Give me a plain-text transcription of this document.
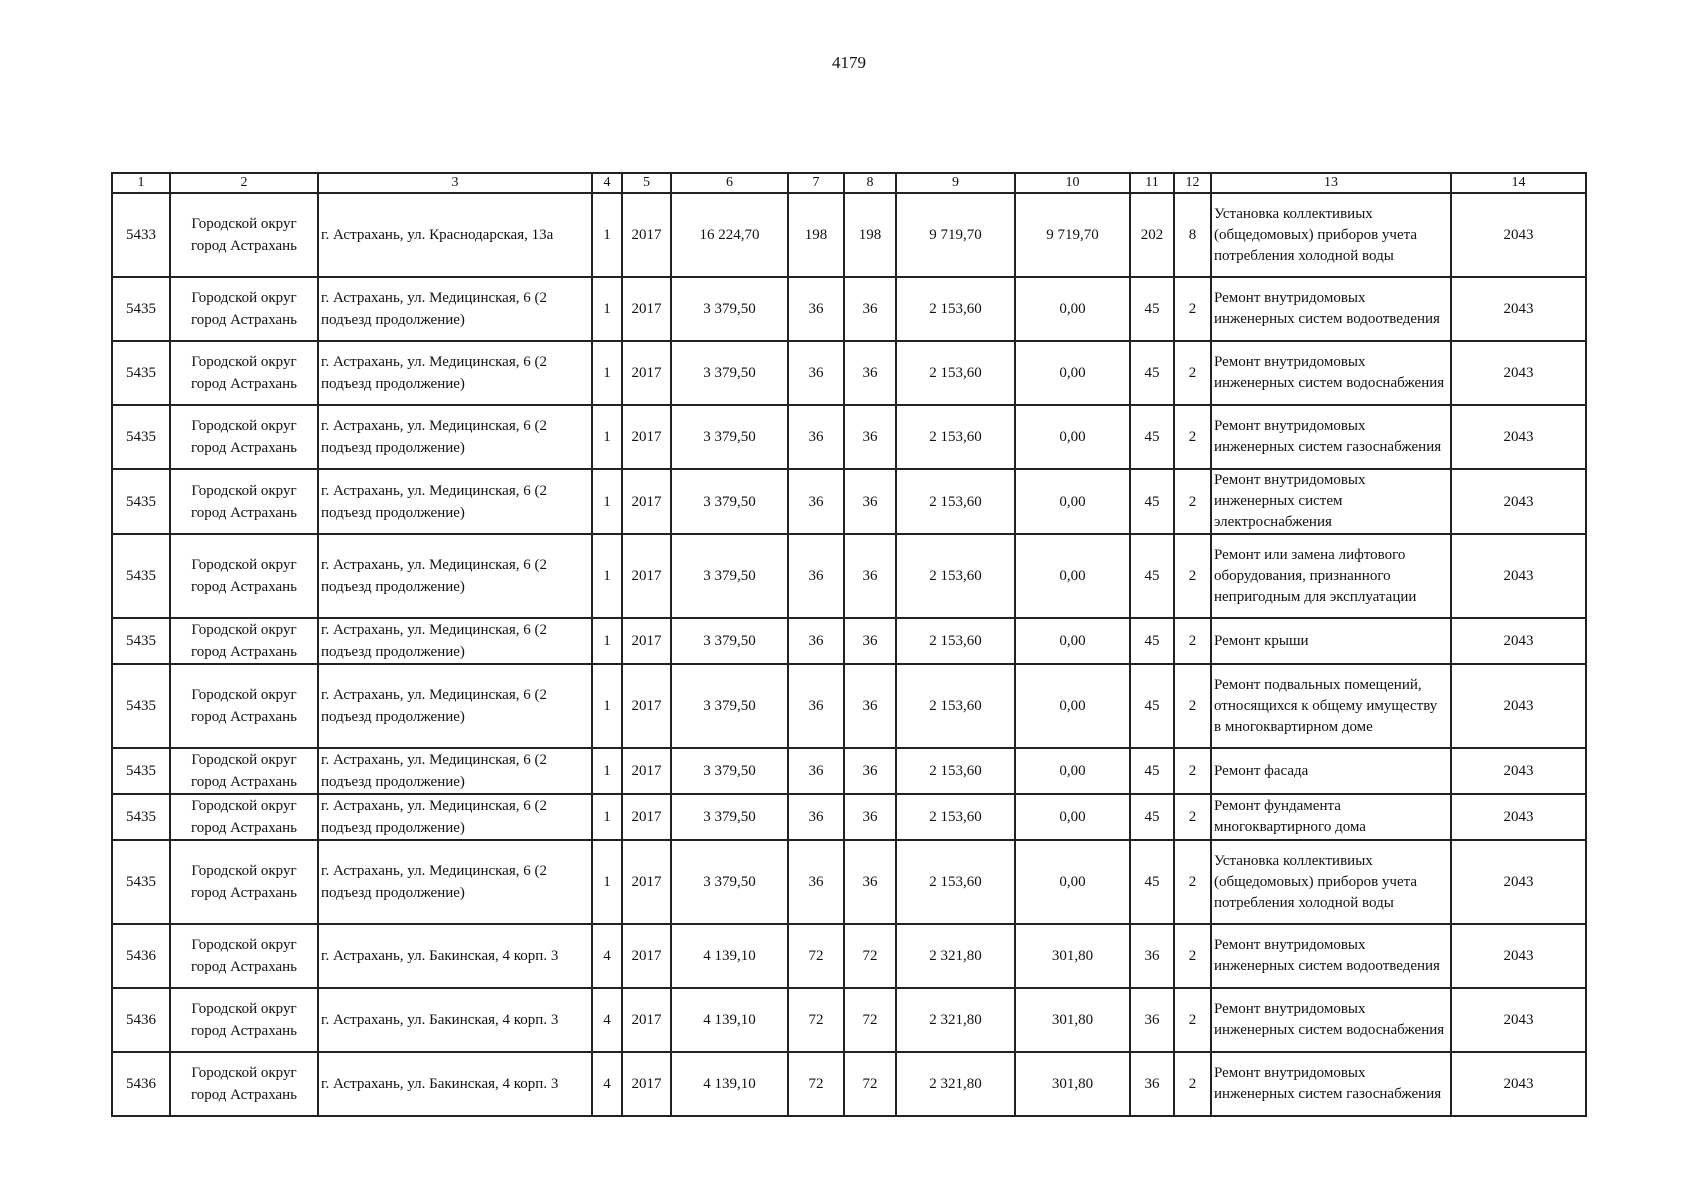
4179
1	2	3	4	5	6	7	8	9	10	11	12	13	14
5433	Городской округ город Астрахань	г. Астрахань, ул. Краснодарская, 13а	1	2017	16 224,70	198	198	9 719,70	9 719,70	202	8	Установка коллективиых (общедомовых) приборов учета потребления холодной воды	2043
5435	Городской округ город Астрахань	г. Астрахань, ул. Медицинская, 6 (2 подъезд продолжение)	1	2017	3 379,50	36	36	2 153,60	0,00	45	2	Ремонт внутридомовых инженерных систем водоотведения	2043
5435	Городской округ город Астрахань	г. Астрахань, ул. Медицинская, 6 (2 подъезд продолжение)	1	2017	3 379,50	36	36	2 153,60	0,00	45	2	Ремонт внутридомовых инженерных систем водоснабжения	2043
5435	Городской округ город Астрахань	г. Астрахань, ул. Медицинская, 6 (2 подъезд продолжение)	1	2017	3 379,50	36	36	2 153,60	0,00	45	2	Ремонт внутридомовых инженерных систем газоснабжения	2043
5435	Городской округ город Астрахань	г. Астрахань, ул. Медицинская, 6 (2 подъезд продолжение)	1	2017	3 379,50	36	36	2 153,60	0,00	45	2	Ремонт внутридомовых инженерных систем электроснабжения	2043
5435	Городской округ город Астрахань	г. Астрахань, ул. Медицинская, 6 (2 подъезд продолжение)	1	2017	3 379,50	36	36	2 153,60	0,00	45	2	Ремонт или замена лифтового оборудования, признанного непригодным для эксплуатации	2043
5435	Городской округ город Астрахань	г. Астрахань, ул. Медицинская, 6 (2 подъезд продолжение)	1	2017	3 379,50	36	36	2 153,60	0,00	45	2	Ремонт крыши	2043
5435	Городской округ город Астрахань	г. Астрахань, ул. Медицинская, 6 (2 подъезд продолжение)	1	2017	3 379,50	36	36	2 153,60	0,00	45	2	Ремонт подвальных помещений, относящихся к общему имуществу в многоквартирном доме	2043
5435	Городской округ город Астрахань	г. Астрахань, ул. Медицинская, 6 (2 подъезд продолжение)	1	2017	3 379,50	36	36	2 153,60	0,00	45	2	Ремонт фасада	2043
5435	Городской округ город Астрахань	г. Астрахань, ул. Медицинская, 6 (2 подъезд продолжение)	1	2017	3 379,50	36	36	2 153,60	0,00	45	2	Ремонт фундамента многоквартирного дома	2043
5435	Городской округ город Астрахань	г. Астрахань, ул. Медицинская, 6 (2 подъезд продолжение)	1	2017	3 379,50	36	36	2 153,60	0,00	45	2	Установка коллективиых (общедомовых) приборов учета потребления холодной воды	2043
5436	Городской округ город Астрахань	г. Астрахань, ул. Бакинская, 4 корп. 3	4	2017	4 139,10	72	72	2 321,80	301,80	36	2	Ремонт внутридомовых инженерных систем водоотведения	2043
5436	Городской округ город Астрахань	г. Астрахань, ул. Бакинская, 4 корп. 3	4	2017	4 139,10	72	72	2 321,80	301,80	36	2	Ремонт внутридомовых инженерных систем водоснабжения	2043
5436	Городской округ город Астрахань	г. Астрахань, ул. Бакинская, 4 корп. 3	4	2017	4 139,10	72	72	2 321,80	301,80	36	2	Ремонт внутридомовых инженерных систем газоснабжения	2043
